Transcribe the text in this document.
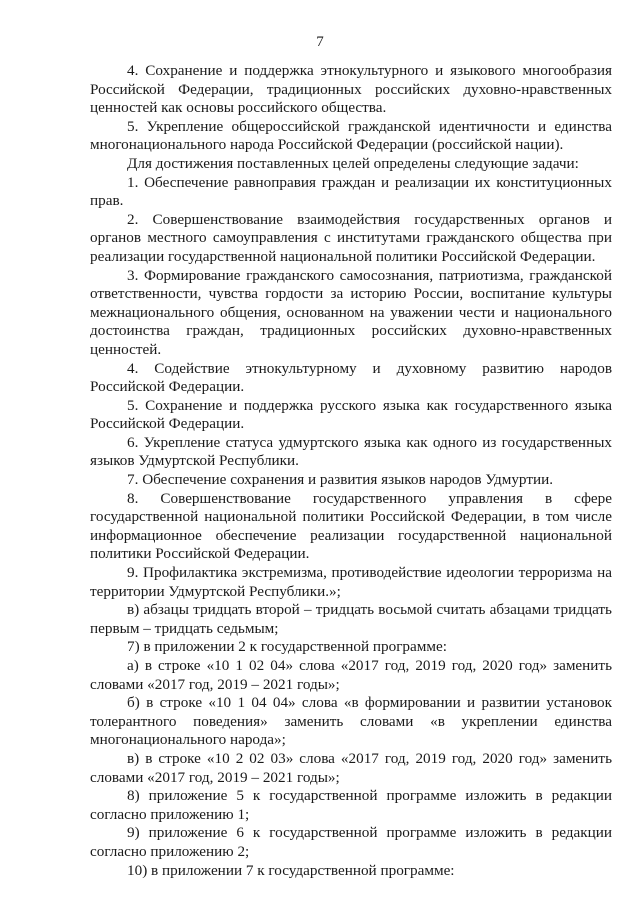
7

4. Сохранение и поддержка этнокультурного и языкового многообразия Российской Федерации, традиционных российских духовно-нравственных ценностей как основы российского общества.

5. Укрепление общероссийской гражданской идентичности и единства многонационального народа Российской Федерации (российской нации).

Для достижения поставленных целей определены следующие задачи:

1. Обеспечение равноправия граждан и реализации их конституционных прав.

2. Совершенствование взаимодействия государственных органов и органов местного самоуправления с институтами гражданского общества при реализации государственной национальной политики Российской Федерации.

3. Формирование гражданского самосознания, патриотизма, гражданской ответственности, чувства гордости за историю России, воспитание культуры межнационального общения, основанном на уважении чести и национального достоинства граждан, традиционных российских духовно-нравственных ценностей.

4. Содействие этнокультурному и духовному развитию народов Российской Федерации.

5. Сохранение и поддержка русского языка как государственного языка Российской Федерации.

6. Укрепление статуса удмуртского языка как одного из государственных языков Удмуртской Республики.

7. Обеспечение сохранения и развития языков народов Удмуртии.

8. Совершенствование государственного управления в сфере государственной национальной политики Российской Федерации, в том числе информационное обеспечение реализации государственной национальной политики Российской Федерации.

9. Профилактика экстремизма, противодействие идеологии терроризма на территории Удмуртской Республики.»;

в) абзацы тридцать второй – тридцать восьмой считать абзацами тридцать первым – тридцать седьмым;

7) в приложении 2 к государственной программе:

а) в строке «10 1 02 04» слова «2017 год, 2019 год, 2020 год» заменить словами «2017 год, 2019 – 2021 годы»;

б) в строке «10 1 04 04» слова «в формировании и развитии установок толерантного поведения» заменить словами «в укреплении единства многонационального народа»;

в) в строке «10 2 02 03» слова «2017 год, 2019 год, 2020 год» заменить словами «2017 год, 2019 – 2021 годы»;

8) приложение 5 к государственной программе изложить в редакции согласно приложению 1;

9) приложение 6 к государственной программе изложить в редакции согласно приложению 2;

10) в приложении 7 к государственной программе:
